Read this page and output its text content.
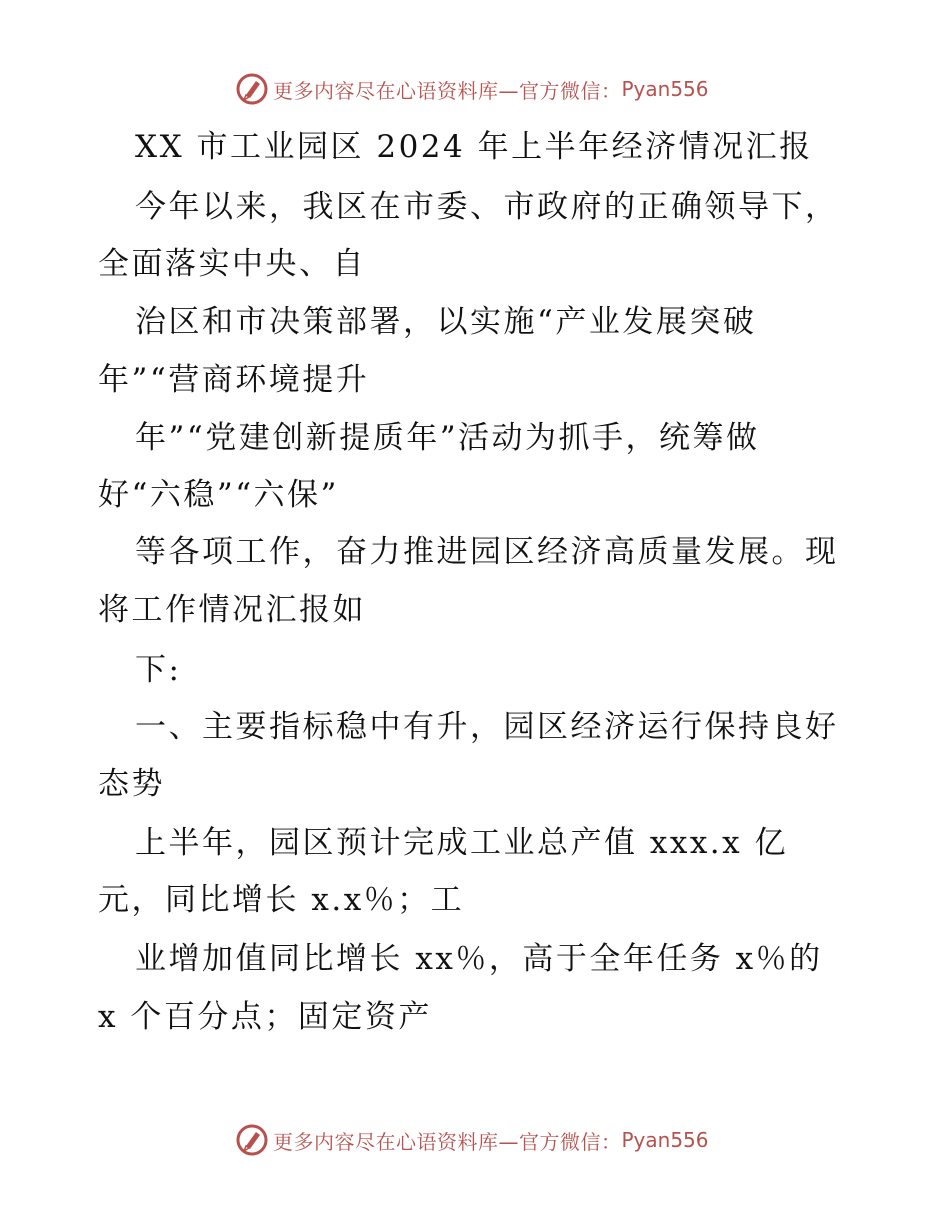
更多内容尽在心语资料库—官方微信： Pyan556
XX 市工业园区 2024 年上半年经济情况汇报
今年以来，我区在市委、市政府的正确领导下，
全面落实中央、自
治区和市决策部署，以实施“产业发展突破
年”“营商环境提升
年”“党建创新提质年”活动为抓手，统筹做
好“六稳”“六保”
等各项工作，奋力推进园区经济高质量发展。现
将工作情况汇报如
下:
一、主要指标稳中有升，园区经济运行保持良好
态势
上半年，园区预计完成工业总产值 xxx.x 亿
元，同比增长 x.x％；工
业增加值同比增长 xx％，高于全年任务 x％的
x 个百分点；固定资产
更多内容尽在心语资料库—官方微信： Pyan556
